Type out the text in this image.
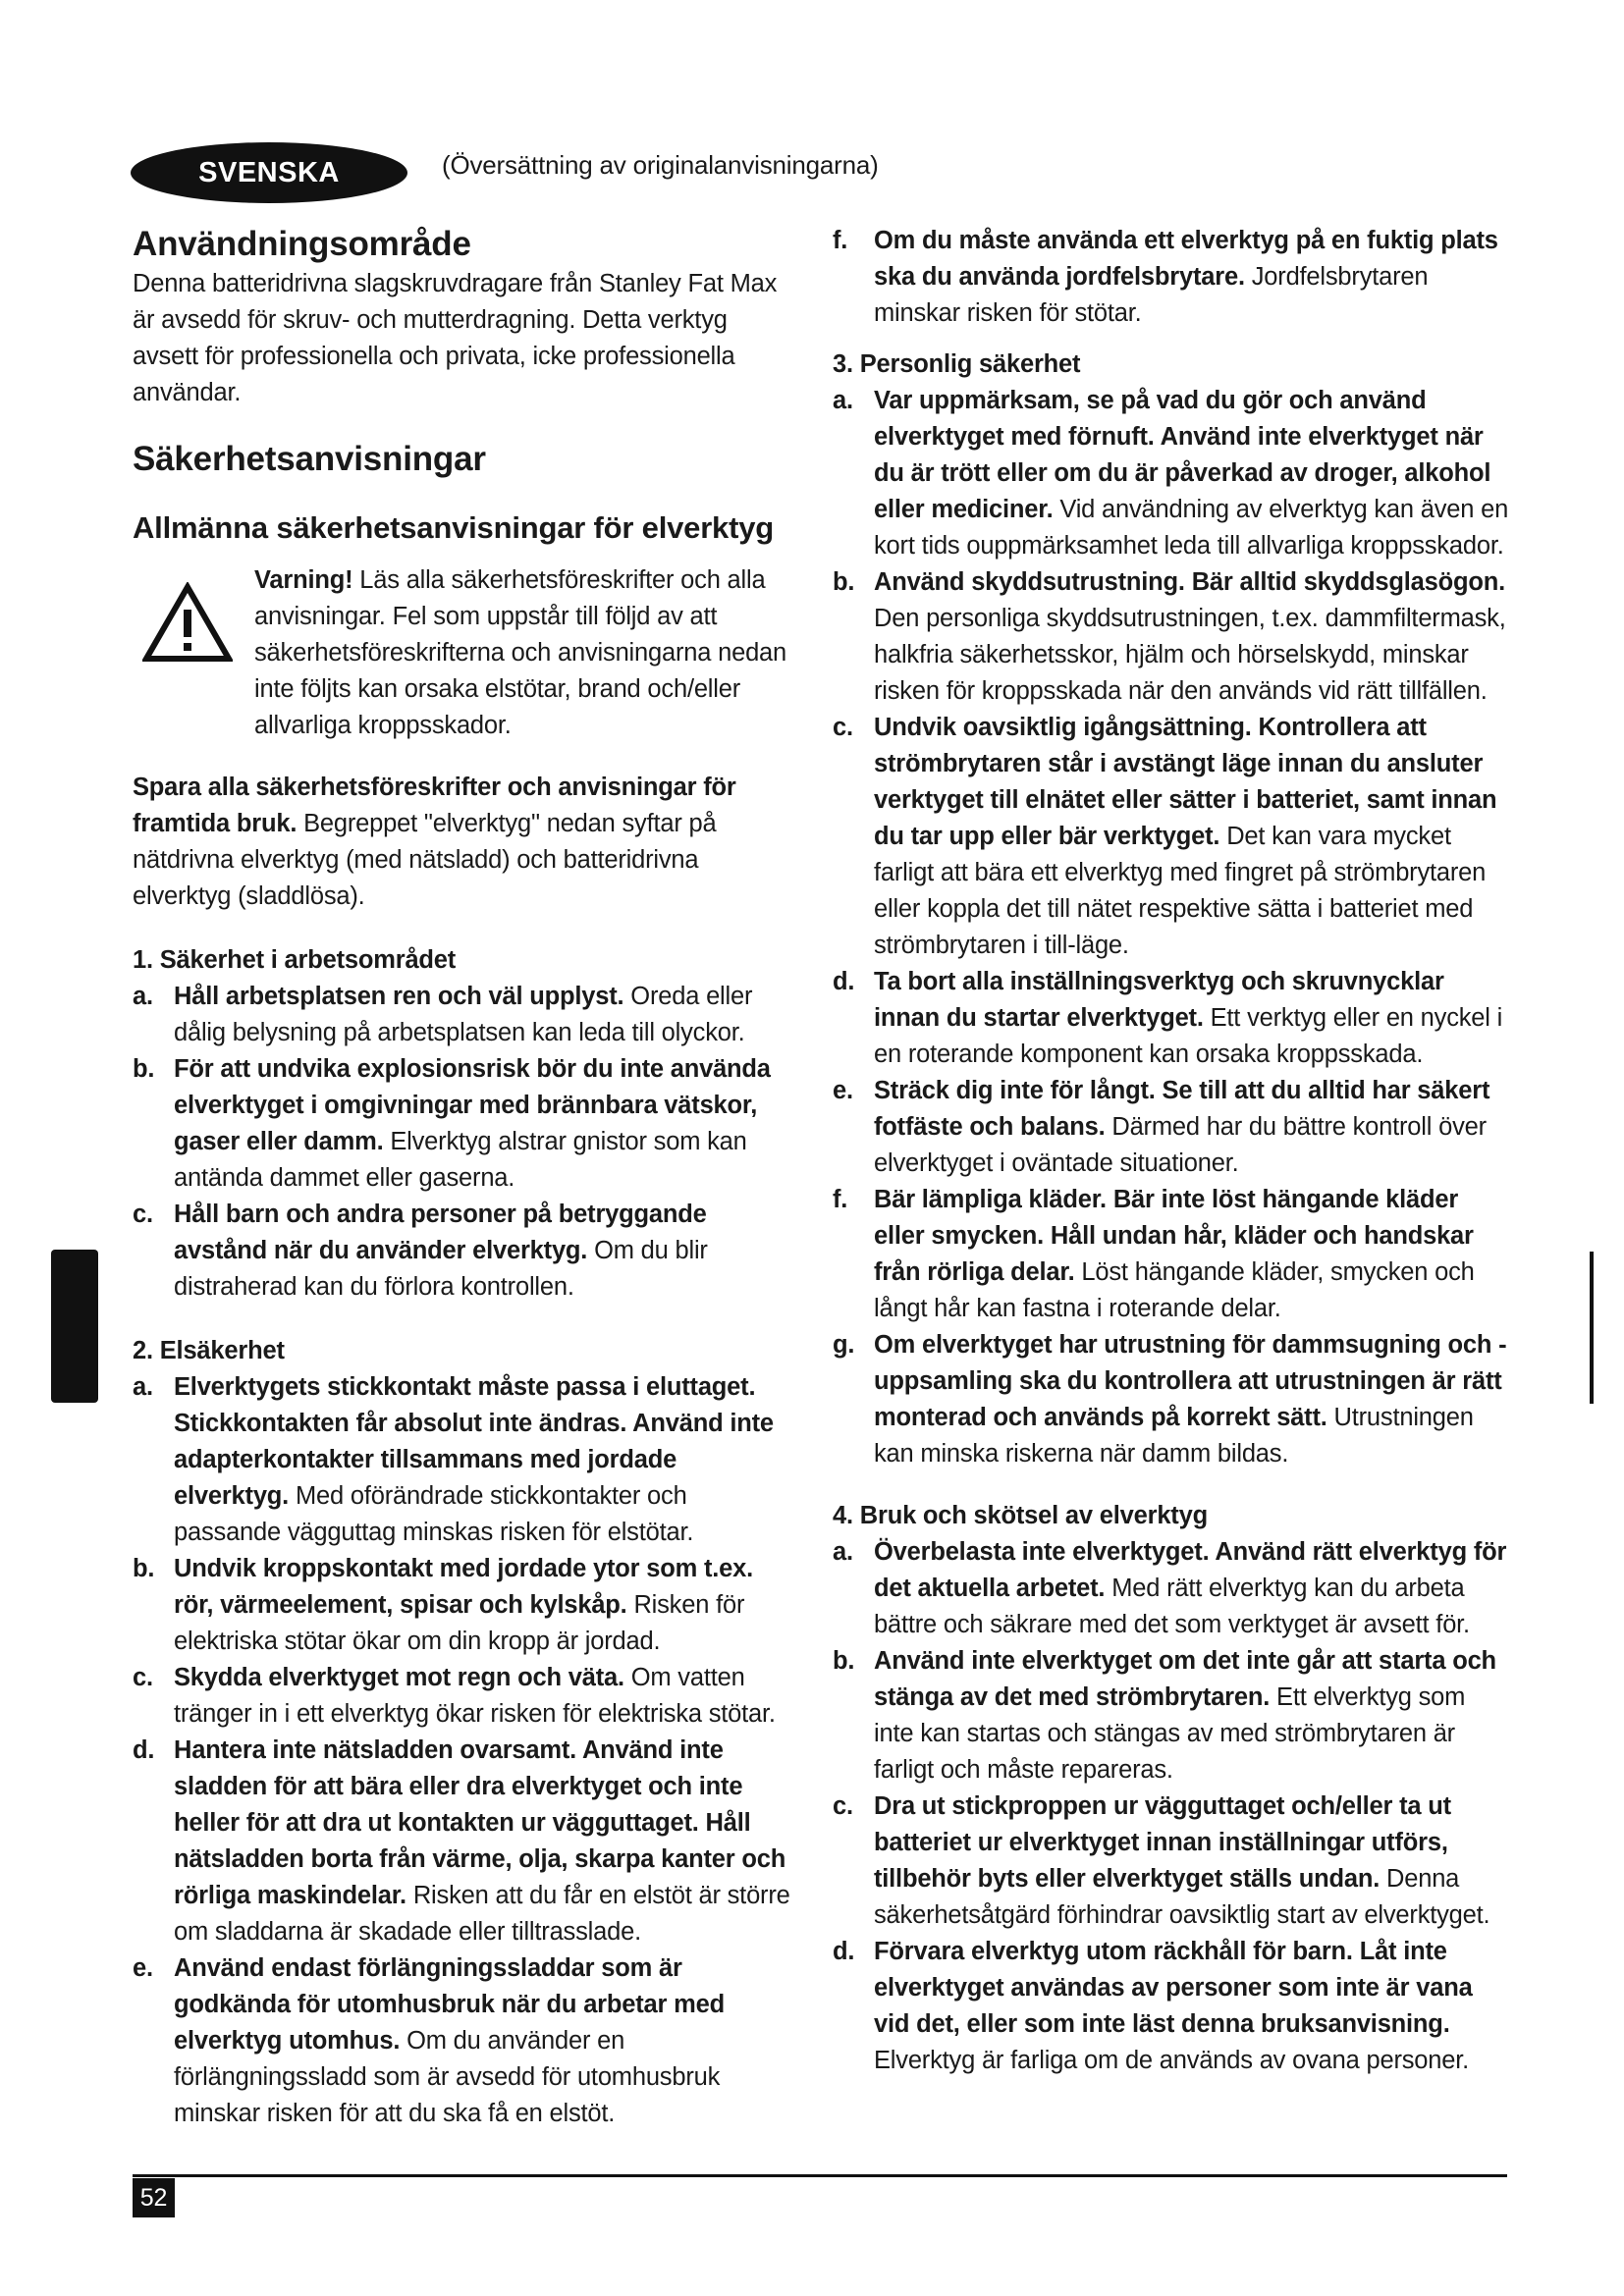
SVENSKA	(Översättning av originalanvisningarna)
Användningsområde

Denna batteridrivna slagskruvdragare från Stanley Fat Max är avsedd för skruv- och mutterdragning. Detta verktyg avsett för professionella och privata, icke professionella användar.

Säkerhetsanvisningar
Allmänna säkerhetsanvisningar för elverktyg

Varning! Läs alla säkerhetsföreskrifter och alla anvisningar. Fel som uppstår till följd av att säkerhetsföreskrifterna och anvisningarna nedan inte följts kan orsaka elstötar, brand och/eller allvarliga kroppsskador.

Spara alla säkerhetsföreskrifter och anvisningar för framtida bruk. Begreppet "elverktyg" nedan syftar på nätdrivna elverktyg (med nätsladd) och batteridrivna elverktyg (sladdlösa).

1. Säkerhet i arbetsområdet

a. Håll arbetsplatsen ren och väl upplyst. Oreda eller dålig belysning på arbetsplatsen kan leda till olyckor.

b. För att undvika explosionsrisk bör du inte använda elverktyget i omgivningar med brännbara vätskor, gaser eller damm. Elverktyg alstrar gnistor som kan antända dammet eller gaserna.

c. Håll barn och andra personer på betryggande avstånd när du använder elverktyg. Om du blir distraherad kan du förlora kontrollen.

2. Elsäkerhet

a. Elverktygets stickkontakt måste passa i eluttaget. Stickkontakten får absolut inte ändras. Använd inte adapterkontakter tillsammans med jordade elverktyg. Med oförändrade stickkontakter och passande vägguttag minskas risken för elstötar.

b. Undvik kroppskontakt med jordade ytor som t.ex. rör, värmeelement, spisar och kylskåp. Risken för elektriska stötar ökar om din kropp är jordad.

c. Skydda elverktyget mot regn och väta. Om vatten tränger in i ett elverktyg ökar risken för elektriska stötar.

d. Hantera inte nätsladden ovarsamt. Använd inte sladden för att bära eller dra elverktyget och inte heller för att dra ut kontakten ur vägguttaget. Håll nätsladden borta från värme, olja, skarpa kanter och rörliga maskindelar. Risken att du får en elstöt är större om sladdarna är skadade eller tilltrasslade.

e. Använd endast förlängningssladdar som är godkända för utomhusbruk när du arbetar med elverktyg utomhus. Om du använder en förlängningssladd som är avsedd för utomhusbruk minskar risken för att du ska få en elstöt.

f. Om du måste använda ett elverktyg på en fuktig plats ska du använda jordfelsbrytare. Jordfelsbrytaren minskar risken för stötar.

3. Personlig säkerhet

a. Var uppmärksam, se på vad du gör och använd elverktyget med förnuft. Använd inte elverktyget när du är trött eller om du är påverkad av droger, alkohol eller mediciner. Vid användning av elverktyg kan även en kort tids ouppmärksamhet leda till allvarliga kroppsskador.

b. Använd skyddsutrustning. Bär alltid skyddsglasögon. Den personliga skyddsutrustningen, t.ex. dammfiltermask, halkfria säkerhetsskor, hjälm och hörselskydd, minskar risken för kroppsskada när den används vid rätt tillfällen.

c. Undvik oavsiktlig igångsättning. Kontrollera att strömbrytaren står i avstängt läge innan du ansluter verktyget till elnätet eller sätter i batteriet, samt innan du tar upp eller bär verktyget. Det kan vara mycket farligt att bära ett elverktyg med fingret på strömbrytaren eller koppla det till nätet respektive sätta i batteriet med strömbrytaren i till-läge.

d. Ta bort alla inställningsverktyg och skruvnycklar innan du startar elverktyget. Ett verktyg eller en nyckel i en roterande komponent kan orsaka kroppsskada.

e. Sträck dig inte för långt. Se till att du alltid har säkert fotfäste och balans. Därmed har du bättre kontroll över elverktyget i oväntade situationer.

f. Bär lämpliga kläder. Bär inte löst hängande kläder eller smycken. Håll undan hår, kläder och handskar från rörliga delar. Löst hängande kläder, smycken och långt hår kan fastna i roterande delar.

g. Om elverktyget har utrustning för dammsugning och -uppsamling ska du kontrollera att utrustningen är rätt monterad och används på korrekt sätt. Utrustningen kan minska riskerna när damm bildas.

4. Bruk och skötsel av elverktyg

a. Överbelasta inte elverktyget. Använd rätt elverktyg för det aktuella arbetet. Med rätt elverktyg kan du arbeta bättre och säkrare med det som verktyget är avsett för.

b. Använd inte elverktyget om det inte går att starta och stänga av det med strömbrytaren. Ett elverktyg som inte kan startas och stängas av med strömbrytaren är farligt och måste repareras.

c. Dra ut stickproppen ur vägguttaget och/eller ta ut batteriet ur elverktyget innan inställningar utförs, tillbehör byts eller elverktyget ställs undan. Denna säkerhetsåtgärd förhindrar oavsiktlig start av elverktyget.

d. Förvara elverktyg utom räckhåll för barn. Låt inte elverktyget användas av personer som inte är vana vid det, eller som inte läst denna bruksanvisning. Elverktyg är farliga om de används av ovana personer.

52
